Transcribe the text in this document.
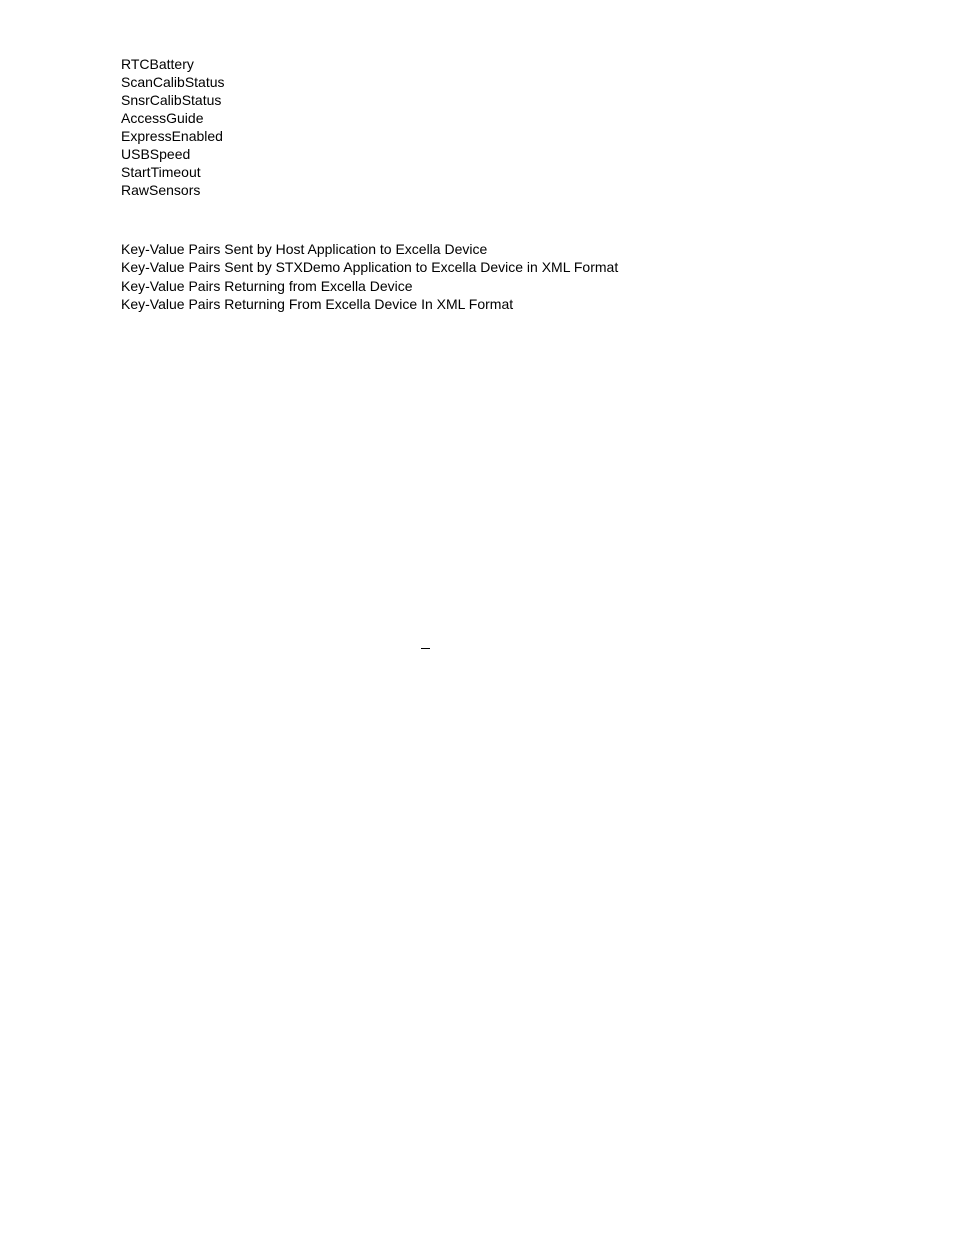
RTCBattery
ScanCalibStatus
SnsrCalibStatus
AccessGuide
ExpressEnabled
USBSpeed
StartTimeout
RawSensors
Key-Value Pairs Sent by Host Application to Excella Device
Key-Value Pairs Sent by STXDemo Application to Excella Device in XML Format
Key-Value Pairs Returning from Excella Device
Key-Value Pairs Returning From Excella Device In XML Format
